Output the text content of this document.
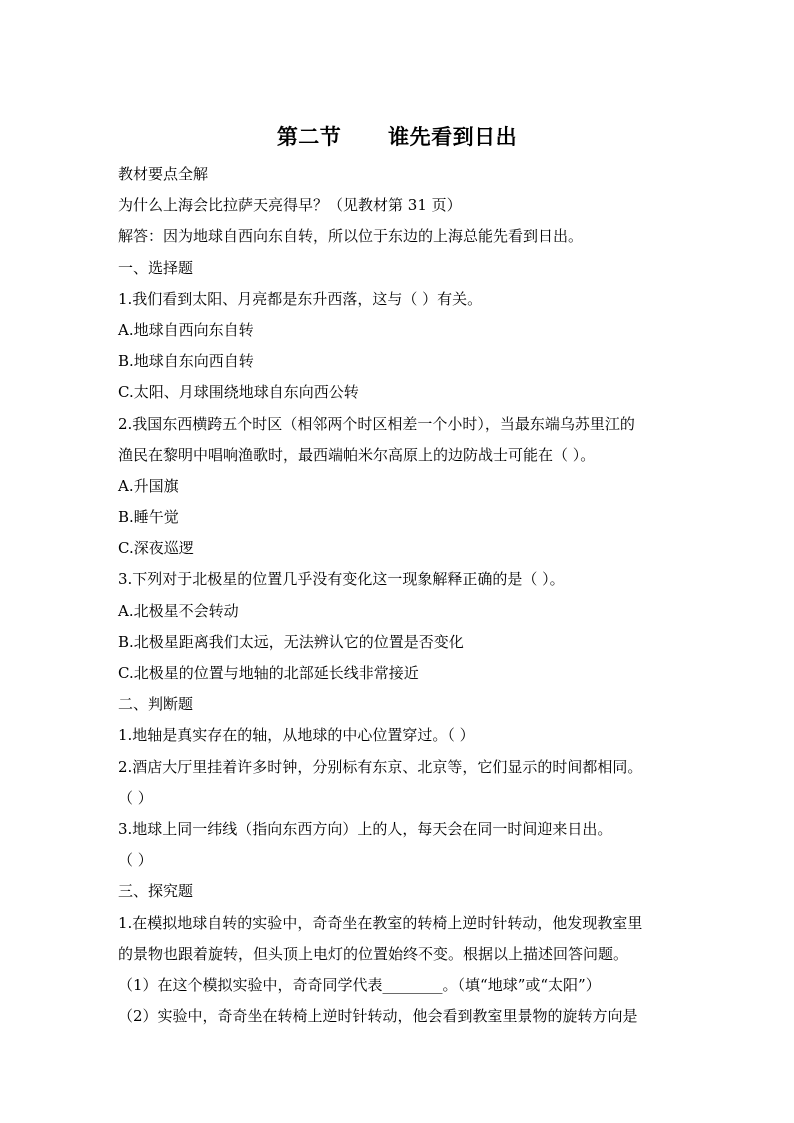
第二节      谁先看到日出
教材要点全解
为什么上海会比拉萨天亮得早？（见教材第 31 页）
解答：因为地球自西向东自转，所以位于东边的上海总能先看到日出。
一、选择题
1.我们看到太阳、月亮都是东升西落，这与（ ）有关。
A.地球自西向东自转
B.地球自东向西自转
C.太阳、月球围绕地球自东向西公转
2.我国东西横跨五个时区（相邻两个时区相差一个小时），当最东端乌苏里江的
渔民在黎明中唱响渔歌时，最西端帕米尔高原上的边防战士可能在（ ）。
A.升国旗
B.睡午觉
C.深夜巡逻
3.下列对于北极星的位置几乎没有变化这一现象解释正确的是（ ）。
A.北极星不会转动
B.北极星距离我们太远，无法辨认它的位置是否变化
C.北极星的位置与地轴的北部延长线非常接近
二、判断题
1.地轴是真实存在的轴，从地球的中心位置穿过。（ ）
2.酒店大厅里挂着许多时钟，分别标有东京、北京等，它们显示的时间都相同。
（ ）
3.地球上同一纬线（指向东西方向）上的人，每天会在同一时间迎来日出。
（ ）
三、探究题
1.在模拟地球自转的实验中，奇奇坐在教室的转椅上逆时针转动，他发现教室里
的景物也跟着旋转，但头顶上电灯的位置始终不变。根据以上描述回答问题。
（1）在这个模拟实验中，奇奇同学代表________。（填“地球”或“太阳”）
（2）实验中，奇奇坐在转椅上逆时针转动，他会看到教室里景物的旋转方向是
